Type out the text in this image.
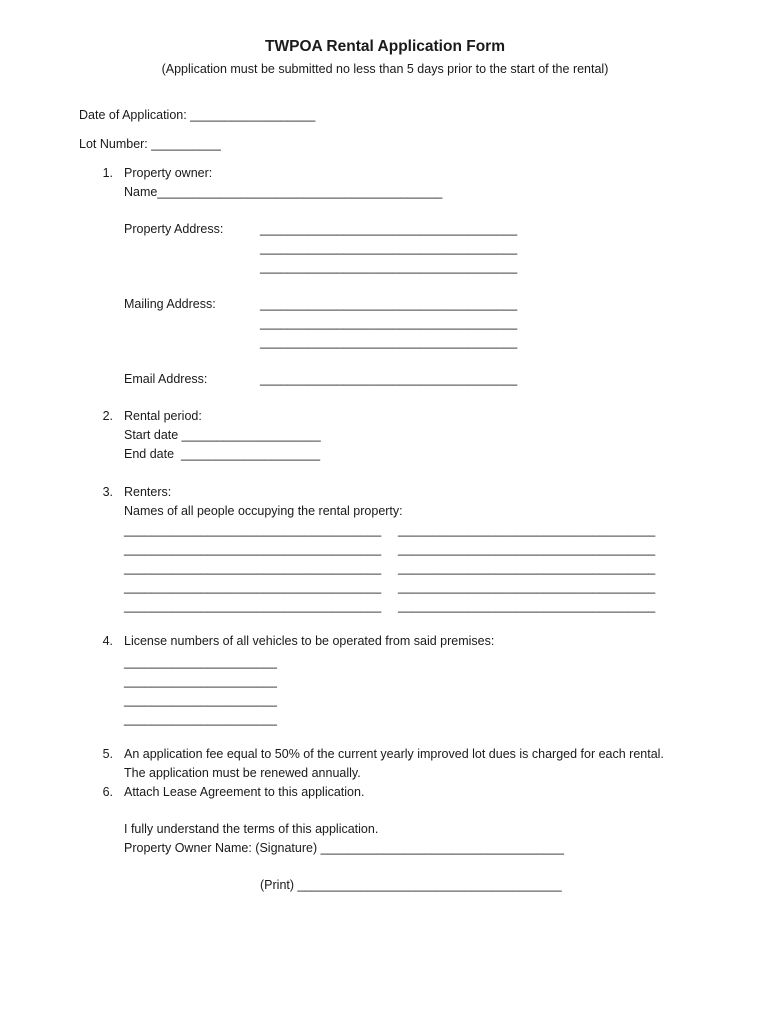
TWPOA Rental Application Form
(Application must be submitted no less than 5 days prior to the start of the rental)
Date of Application: __________________
Lot Number: __________
1. Property owner:
Name_________________________________________
Property Address:	_____________________________________
_____________________________________
_____________________________________
Mailing Address:	_____________________________________
_____________________________________
_____________________________________
Email Address:	_____________________________________
2. Rental period:
Start date ____________________
End date  ____________________
3. Renters:
Names of all people occupying the rental property:
_____________________________________ _____________________________________
_____________________________________ _____________________________________
_____________________________________ _____________________________________
_____________________________________ _____________________________________
_____________________________________ _____________________________________
4. License numbers of all vehicles to be operated from said premises:
______________________
______________________
______________________
______________________
5. An application fee equal to 50% of the current yearly improved lot dues is charged for each rental.
The application must be renewed annually.
6. Attach Lease Agreement to this application.
I fully understand the terms of this application.
Property Owner Name: (Signature) ___________________________________
(Print) ______________________________________
